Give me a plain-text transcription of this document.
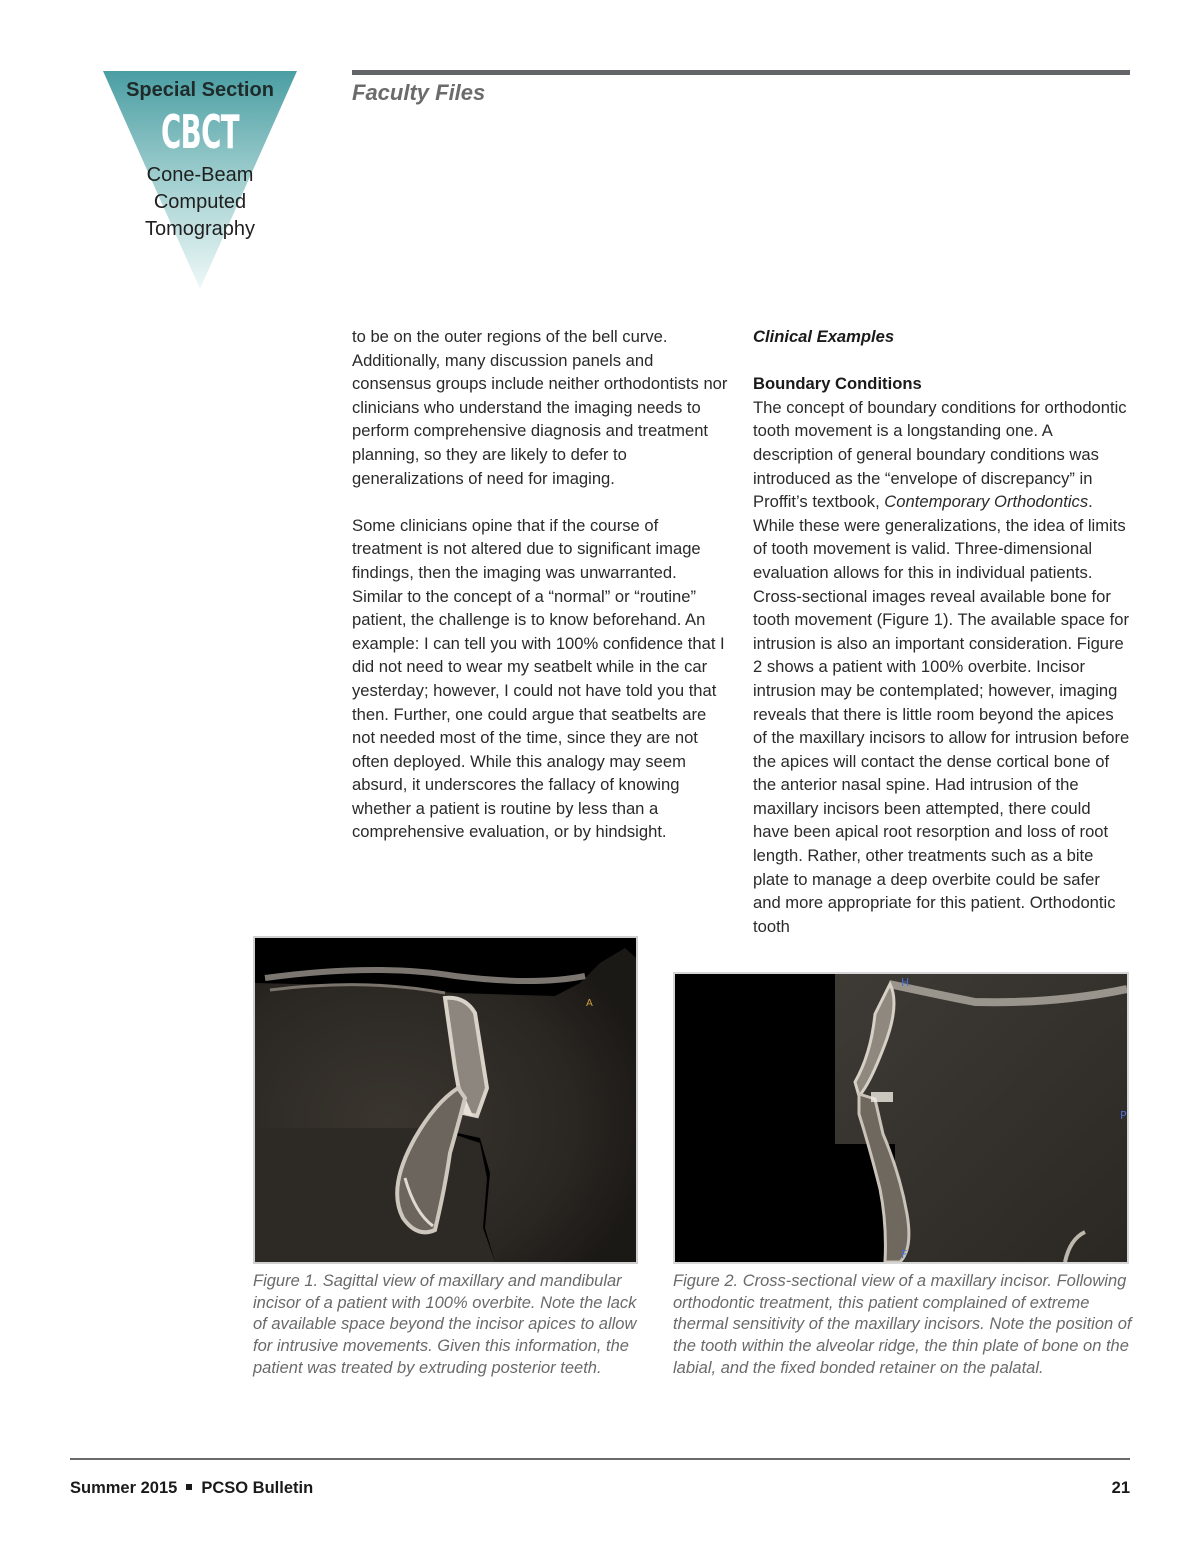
Special Section
CBCT
Cone-Beam
Computed
Tomography
Faculty Files

to be on the outer regions of the bell curve. Additionally, many discussion panels and consensus groups include neither orthodontists nor clinicians who understand the imaging needs to perform comprehensive diagnosis and treatment planning, so they are likely to defer to generalizations of need for imaging.

Some clinicians opine that if the course of treatment is not altered due to significant image findings, then the imaging was unwarranted. Similar to the concept of a “normal” or “routine” patient, the challenge is to know beforehand. An example: I can tell you with 100% confidence that I did not need to wear my seatbelt while in the car yesterday; however, I could not have told you that then. Further, one could argue that seatbelts are not needed most of the time, since they are not often deployed. While this analogy may seem absurd, it underscores the fallacy of knowing whether a patient is routine by less than a comprehensive evaluation, or by hindsight.

Clinical Examples

Boundary Conditions

The concept of boundary conditions for orthodontic tooth movement is a longstanding one. A description of general boundary conditions was introduced as the “envelope of discrepancy” in Proffit’s textbook, Contemporary Orthodontics. While these were generalizations, the idea of limits of tooth movement is valid. Three-dimensional evaluation allows for this in individual patients. Cross-sectional images reveal available bone for tooth movement (Figure 1). The available space for intrusion is also an important consideration. Figure 2 shows a patient with 100% overbite. Incisor intrusion may be contemplated; however, imaging reveals that there is little room beyond the apices of the maxillary incisors to allow for intrusion before the apices will contact the dense cortical bone of the anterior nasal spine. Had intrusion of the maxillary incisors been attempted, there could have been apical root resorption and loss of root length. Rather, other treatments such as a bite plate to manage a deep overbite could be safer and more appropriate for this patient. Orthodontic tooth

A
Figure 1. Sagittal view of maxillary and mandibular incisor of a patient with 100% overbite. Note the lack of available space beyond the incisor apices to allow for intrusive movements. Given this information, the patient was treated by extruding posterior teeth.
H
F
P
Figure 2. Cross-sectional view of a maxillary incisor. Following orthodontic treatment, this patient complained of extreme thermal sensitivity of the maxillary incisors. Note the position of the tooth within the alveolar ridge, the thin plate of bone on the labial, and the fixed bonded retainer on the palatal.
Summer 2015 PCSO Bulletin	21
